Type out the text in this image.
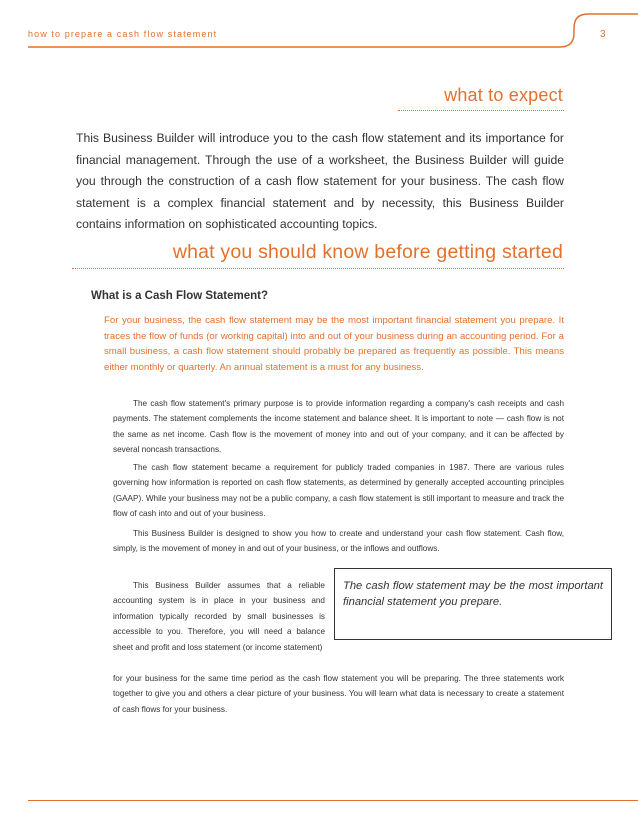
how to prepare a cash flow statement	3
what to expect
This Business Builder will introduce you to the cash flow statement and its importance for financial management. Through the use of a worksheet, the Business Builder will guide you through the construction of a cash flow statement for your business. The cash flow statement is a complex financial statement and by necessity, this Business Builder contains information on sophisticated accounting topics.
what you should know before getting started
What is a Cash Flow Statement?
For your business, the cash flow statement may be the most important financial statement you prepare. It traces the flow of funds (or working capital) into and out of your business during an accounting period. For a small business, a cash flow statement should probably be prepared as frequently as possible. This means either monthly or quarterly. An annual statement is a must for any business.
The cash flow statement's primary purpose is to provide information regarding a company's cash receipts and cash payments. The statement complements the income statement and balance sheet. It is important to note — cash flow is not the same as net income. Cash flow is the movement of money into and out of your company, and it can be affected by several noncash transactions.
The cash flow statement became a requirement for publicly traded companies in 1987. There are various rules governing how information is reported on cash flow statements, as determined by generally accepted accounting principles (GAAP). While your business may not be a public company, a cash flow statement is still important to measure and track the flow of cash into and out of your business.
This Business Builder is designed to show you how to create and understand your cash flow statement. Cash flow, simply, is the movement of money in and out of your business, or the inflows and outflows.
This Business Builder assumes that a reliable accounting system is in place in your business and information typically recorded by small businesses is accessible to you. Therefore, you will need a balance sheet and profit and loss statement (or income statement)
for your business for the same time period as the cash flow statement you will be preparing. The three statements work together to give you and others a clear picture of your business. You will learn what data is necessary to create a statement of cash flows for your business.
The cash flow statement may be the most important financial statement you prepare.
